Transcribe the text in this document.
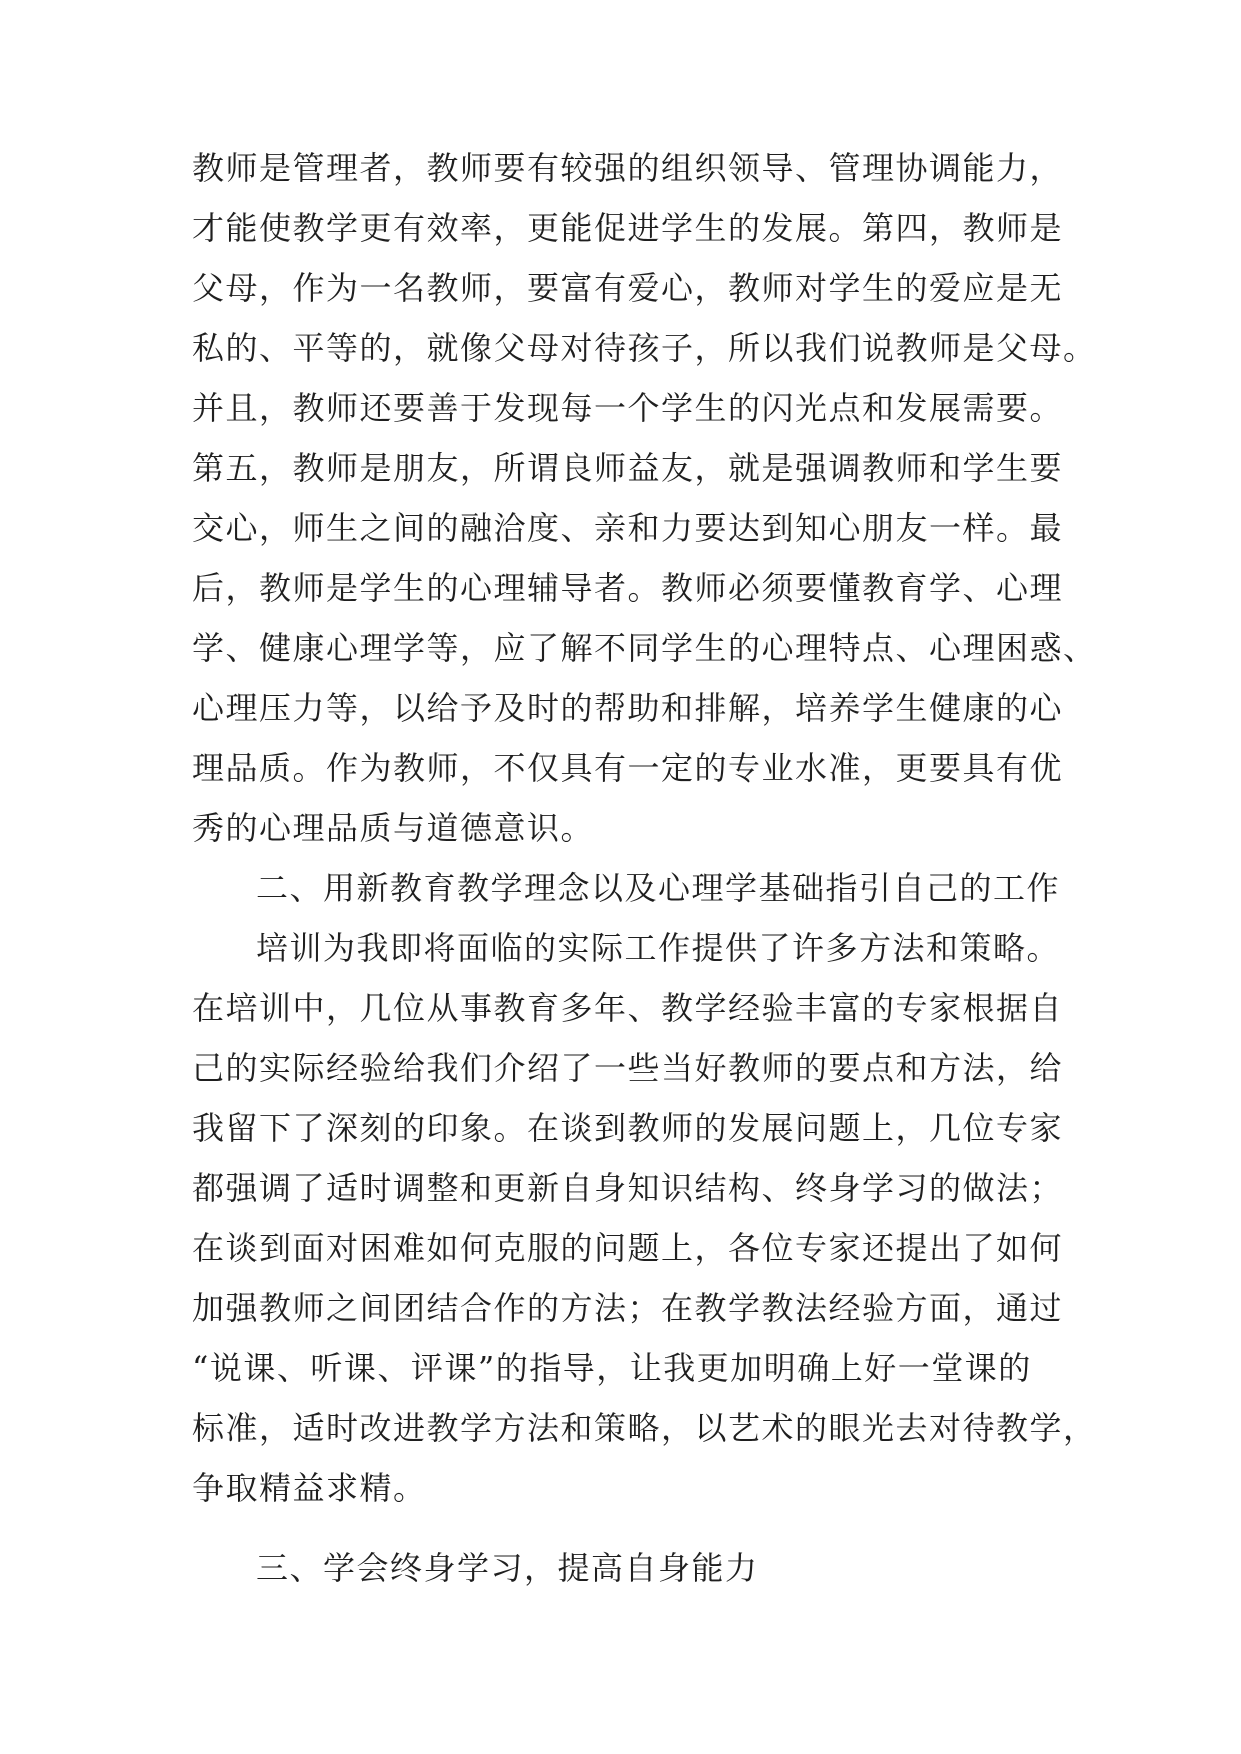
教师是管理者，教师要有较强的组织领导、管理协调能力，
才能使教学更有效率，更能促进学生的发展。第四，教师是
父母，作为一名教师，要富有爱心，教师对学生的爱应是无
私的、平等的，就像父母对待孩子，所以我们说教师是父母。
并且，教师还要善于发现每一个学生的闪光点和发展需要。
第五，教师是朋友，所谓良师益友，就是强调教师和学生要
交心，师生之间的融洽度、亲和力要达到知心朋友一样。最
后，教师是学生的心理辅导者。教师必须要懂教育学、心理
学、健康心理学等，应了解不同学生的心理特点、心理困惑、
心理压力等，以给予及时的帮助和排解，培养学生健康的心
理品质。作为教师，不仅具有一定的专业水准，更要具有优
秀的心理品质与道德意识。
二、用新教育教学理念以及心理学基础指引自己的工作
培训为我即将面临的实际工作提供了许多方法和策略。
在培训中，几位从事教育多年、教学经验丰富的专家根据自
己的实际经验给我们介绍了一些当好教师的要点和方法，给
我留下了深刻的印象。在谈到教师的发展问题上，几位专家
都强调了适时调整和更新自身知识结构、终身学习的做法；
在谈到面对困难如何克服的问题上，各位专家还提出了如何
加强教师之间团结合作的方法；在教学教法经验方面，通过
“说课、听课、评课”的指导，让我更加明确上好一堂课的
标准，适时改进教学方法和策略，以艺术的眼光去对待教学，
争取精益求精。
三、学会终身学习，提高自身能力
